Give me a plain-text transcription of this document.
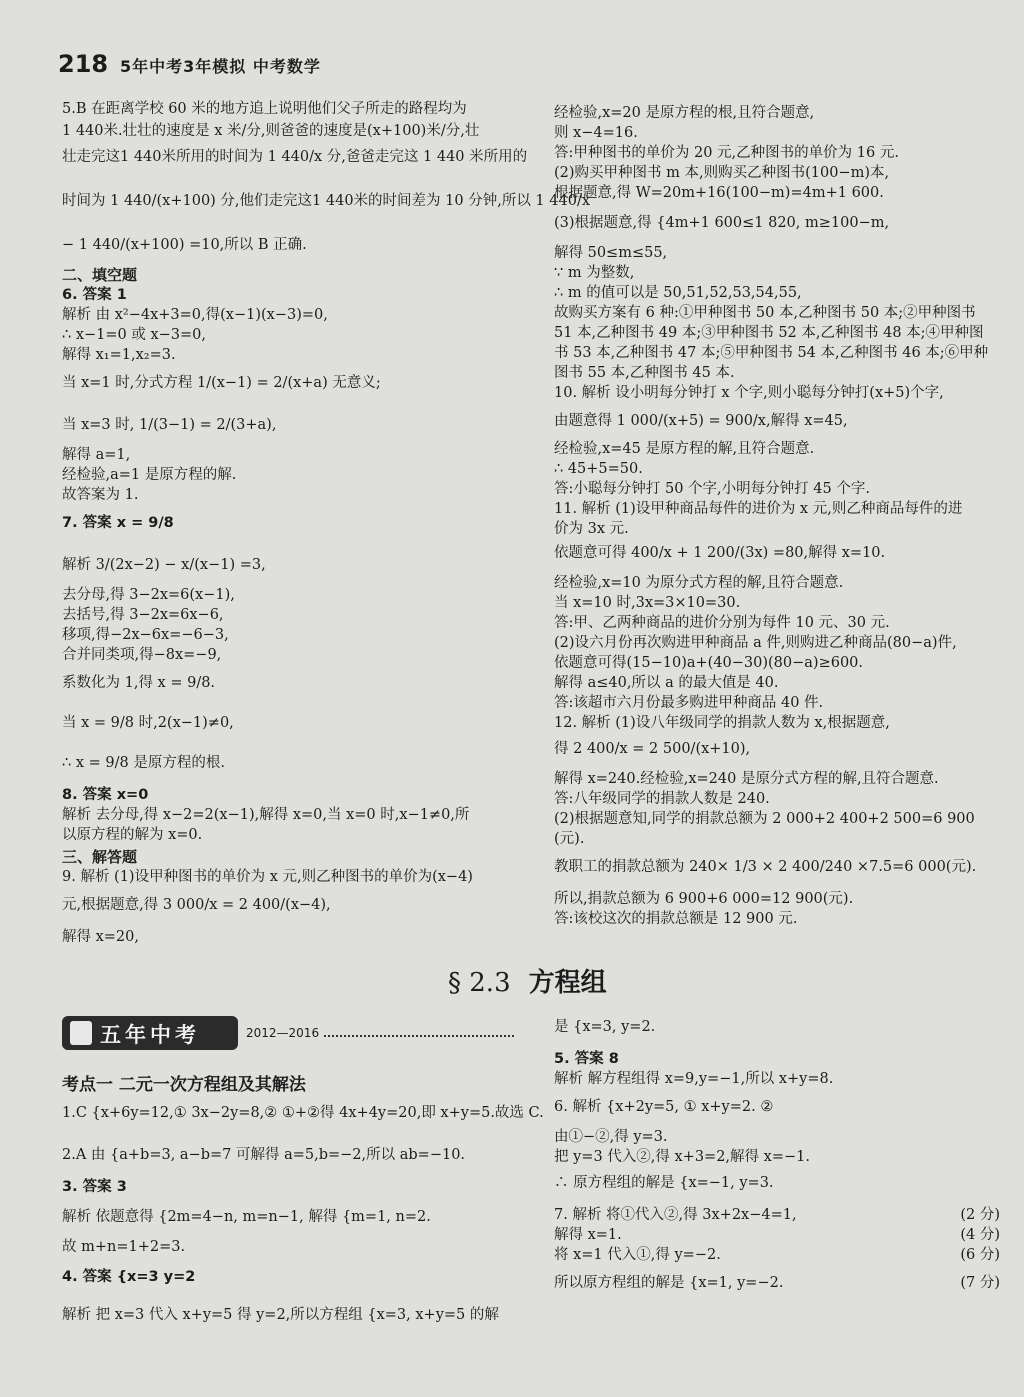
218 5年中考3年模拟 中考数学
5.B 在距离学校 60 米的地方追上说明他们父子所走的路程均为
1 440米.壮壮的速度是 x 米/分,则爸爸的速度是(x+100)米/分,壮
壮走完这1 440米所用的时间为 1 440/x 分,爸爸走完这 1 440 米所用的
时间为 1 440/(x+100) 分,他们走完这1 440米的时间差为 10 分钟,所以 1 440/x
− 1 440/(x+100) =10,所以 B 正确.
二、填空题
6. 答案 1
解析 由 x²−4x+3=0,得(x−1)(x−3)=0,
∴ x−1=0 或 x−3=0,
解得 x₁=1,x₂=3.
当 x=1 时,分式方程 1/(x−1) = 2/(x+a) 无意义;
当 x=3 时, 1/(3−1) = 2/(3+a),
解得 a=1,
经检验,a=1 是原方程的解.
故答案为 1.
7. 答案 x = 9/8
解析 3/(2x−2) − x/(x−1) =3,
去分母,得 3−2x=6(x−1),
去括号,得 3−2x=6x−6,
移项,得−2x−6x=−6−3,
合并同类项,得−8x=−9,
系数化为 1,得 x = 9/8.
当 x = 9/8 时,2(x−1)≠0,
∴ x = 9/8 是原方程的根.
8. 答案 x=0
解析 去分母,得 x−2=2(x−1),解得 x=0,当 x=0 时,x−1≠0,所
以原方程的解为 x=0.
三、解答题
9. 解析 (1)设甲种图书的单价为 x 元,则乙种图书的单价为(x−4)
元,根据题意,得 3 000/x = 2 400/(x−4),
解得 x=20,
经检验,x=20 是原方程的根,且符合题意,
则 x−4=16.
答:甲种图书的单价为 20 元,乙种图书的单价为 16 元.
(2)购买甲种图书 m 本,则购买乙种图书(100−m)本,
根据题意,得 W=20m+16(100−m)=4m+1 600.
(3)根据题意,得 {4m+1 600≤1 820, m≥100−m,
解得 50≤m≤55,
∵ m 为整数,
∴ m 的值可以是 50,51,52,53,54,55,
故购买方案有 6 种:①甲种图书 50 本,乙种图书 50 本;②甲种图书
51 本,乙种图书 49 本;③甲种图书 52 本,乙种图书 48 本;④甲种图
书 53 本,乙种图书 47 本;⑤甲种图书 54 本,乙种图书 46 本;⑥甲种
图书 55 本,乙种图书 45 本.
10. 解析 设小明每分钟打 x 个字,则小聪每分钟打(x+5)个字,
由题意得 1 000/(x+5) = 900/x,解得 x=45,
经检验,x=45 是原方程的解,且符合题意.
∴ 45+5=50.
答:小聪每分钟打 50 个字,小明每分钟打 45 个字.
11. 解析 (1)设甲种商品每件的进价为 x 元,则乙种商品每件的进
价为 3x 元.
依题意可得 400/x + 1 200/(3x) =80,解得 x=10.
经检验,x=10 为原分式方程的解,且符合题意.
当 x=10 时,3x=3×10=30.
答:甲、乙两种商品的进价分别为每件 10 元、30 元.
(2)设六月份再次购进甲种商品 a 件,则购进乙种商品(80−a)件,
依题意可得(15−10)a+(40−30)(80−a)≥600.
解得 a≤40,所以 a 的最大值是 40.
答:该超市六月份最多购进甲种商品 40 件.
12. 解析 (1)设八年级同学的捐款人数为 x,根据题意,
得 2 400/x = 2 500/(x+10),
解得 x=240.经检验,x=240 是原分式方程的解,且符合题意.
答:八年级同学的捐款人数是 240.
(2)根据题意知,同学的捐款总额为 2 000+2 400+2 500=6 900
(元).
教职工的捐款总额为 240× 1/3 × 2 400/240 ×7.5=6 000(元).
所以,捐款总额为 6 900+6 000=12 900(元).
答:该校这次的捐款总额是 12 900 元.
§ 2.3 方程组
五年中考	2012—2016
考点一 二元一次方程组及其解法
1.C {x+6y=12,① 3x−2y=8,② ①+②得 4x+4y=20,即 x+y=5.故选 C.
2.A 由 {a+b=3, a−b=7 可解得 a=5,b=−2,所以 ab=−10.
3. 答案 3
解析 依题意得 {2m=4−n, m=n−1, 解得 {m=1, n=2.
故 m+n=1+2=3.
4. 答案 {x=3 y=2
解析 把 x=3 代入 x+y=5 得 y=2,所以方程组 {x=3, x+y=5 的解
是 {x=3, y=2.
5. 答案 8
解析 解方程组得 x=9,y=−1,所以 x+y=8.
6. 解析 {x+2y=5, ① x+y=2. ②
由①−②,得 y=3.
把 y=3 代入②,得 x+3=2,解得 x=−1.
∴ 原方程组的解是 {x=−1, y=3.
7. 解析 将①代入②,得 3x+2x−4=1,
解得 x=1.
将 x=1 代入①,得 y=−2.
所以原方程组的解是 {x=1, y=−2.
(2 分)
(4 分)
(6 分)
(7 分)
